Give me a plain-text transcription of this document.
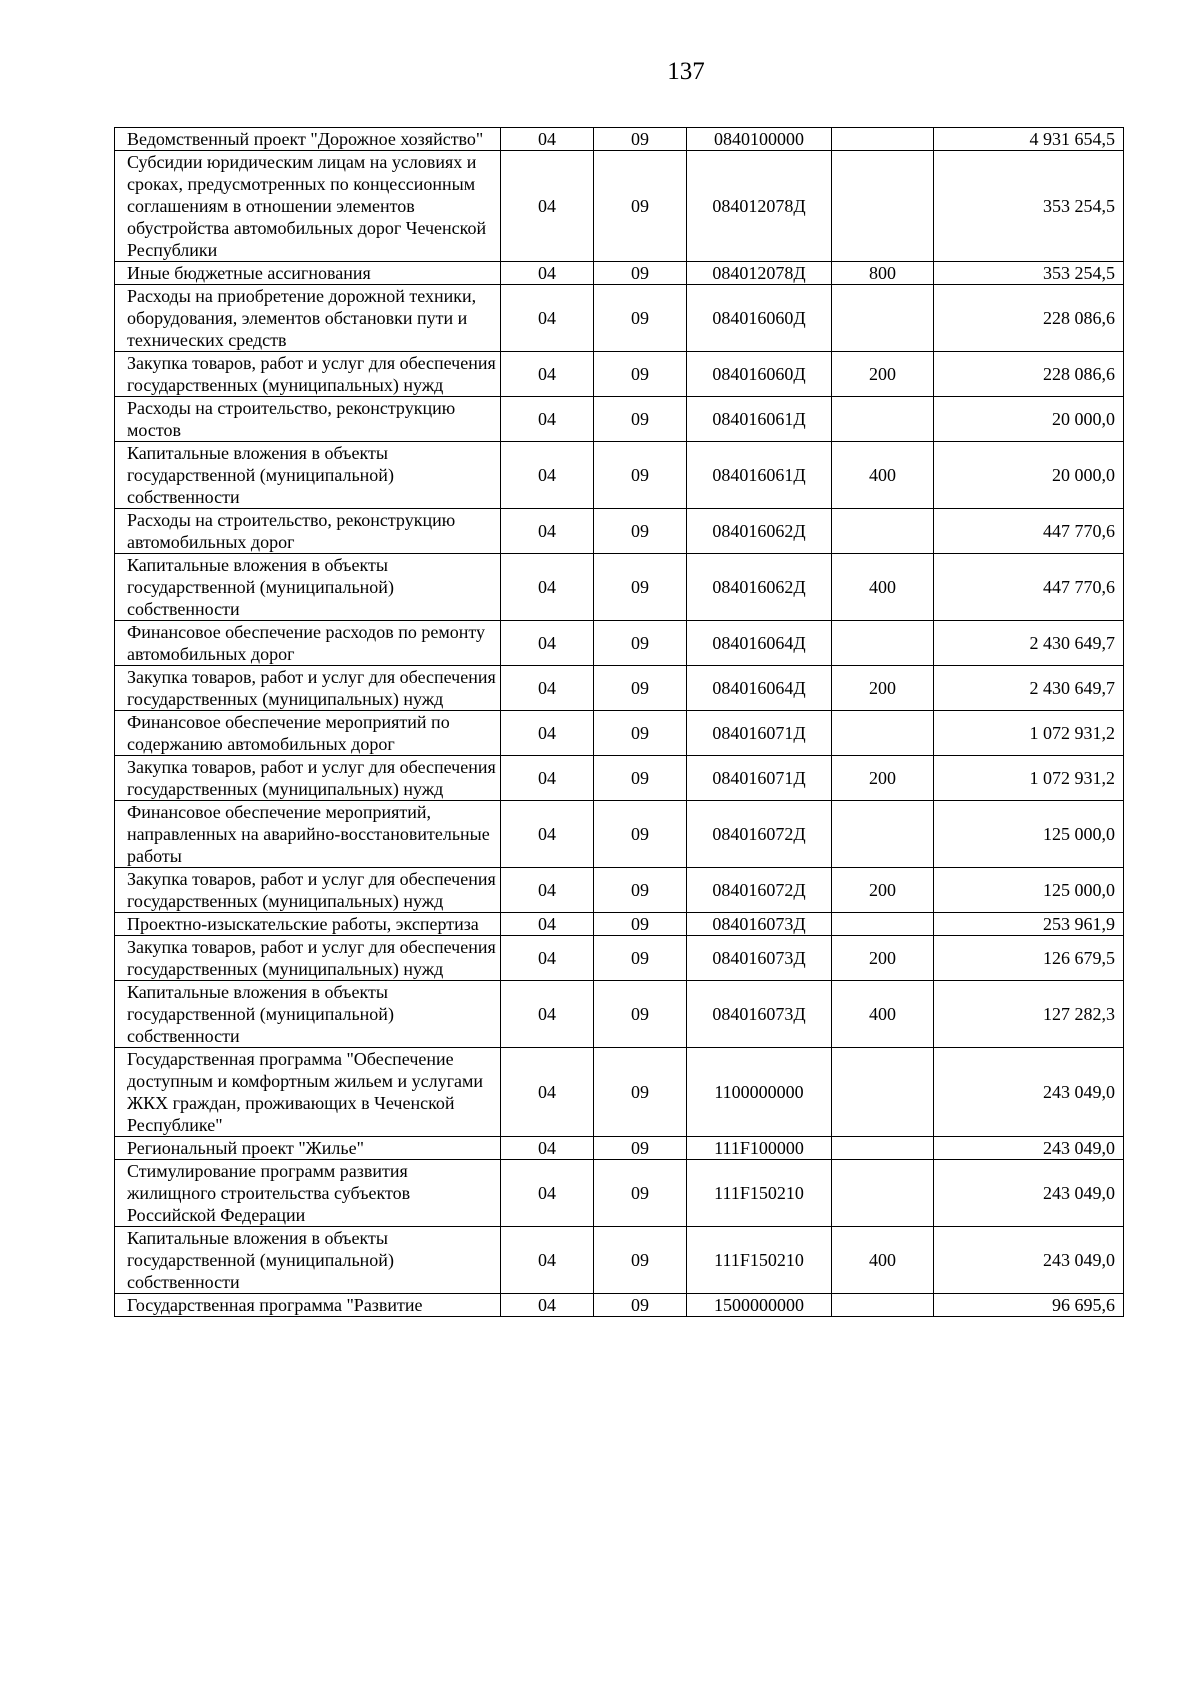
137
Ведомственный проект "Дорожное хозяйство"	04	09	0840100000		4 931 654,5
Субсидии юридическим лицам на условиях и сроках, предусмотренных по концессионным соглашениям в отношении элементов обустройства автомобильных дорог Чеченской Республики	04	09	084012078Д		353 254,5
Иные бюджетные ассигнования	04	09	084012078Д	800	353 254,5
Расходы на приобретение дорожной техники, оборудования, элементов обстановки пути и технических средств	04	09	084016060Д		228 086,6
Закупка товаров, работ и услуг для обеспечения государственных (муниципальных) нужд	04	09	084016060Д	200	228 086,6
Расходы на строительство, реконструкцию мостов	04	09	084016061Д		20 000,0
Капитальные вложения в объекты государственной (муниципальной) собственности	04	09	084016061Д	400	20 000,0
Расходы на строительство, реконструкцию автомобильных дорог	04	09	084016062Д		447 770,6
Капитальные вложения в объекты государственной (муниципальной) собственности	04	09	084016062Д	400	447 770,6
Финансовое обеспечение расходов по ремонту автомобильных дорог	04	09	084016064Д		2 430 649,7
Закупка товаров, работ и услуг для обеспечения государственных (муниципальных) нужд	04	09	084016064Д	200	2 430 649,7
Финансовое обеспечение мероприятий по содержанию автомобильных дорог	04	09	084016071Д		1 072 931,2
Закупка товаров, работ и услуг для обеспечения государственных (муниципальных) нужд	04	09	084016071Д	200	1 072 931,2
Финансовое обеспечение мероприятий, направленных на аварийно-восстановительные работы	04	09	084016072Д		125 000,0
Закупка товаров, работ и услуг для обеспечения государственных (муниципальных) нужд	04	09	084016072Д	200	125 000,0
Проектно-изыскательские работы, экспертиза	04	09	084016073Д		253 961,9
Закупка товаров, работ и услуг для обеспечения государственных (муниципальных) нужд	04	09	084016073Д	200	126 679,5
Капитальные вложения в объекты государственной (муниципальной) собственности	04	09	084016073Д	400	127 282,3
Государственная программа "Обеспечение доступным и комфортным жильем и услугами ЖКХ граждан, проживающих в Чеченской Республике"	04	09	1100000000		243 049,0
Региональный проект "Жилье"	04	09	111F100000		243 049,0
Стимулирование программ развития жилищного строительства субъектов Российской Федерации	04	09	111F150210		243 049,0
Капитальные вложения в объекты государственной (муниципальной) собственности	04	09	111F150210	400	243 049,0
Государственная программа "Развитие	04	09	1500000000		96 695,6
